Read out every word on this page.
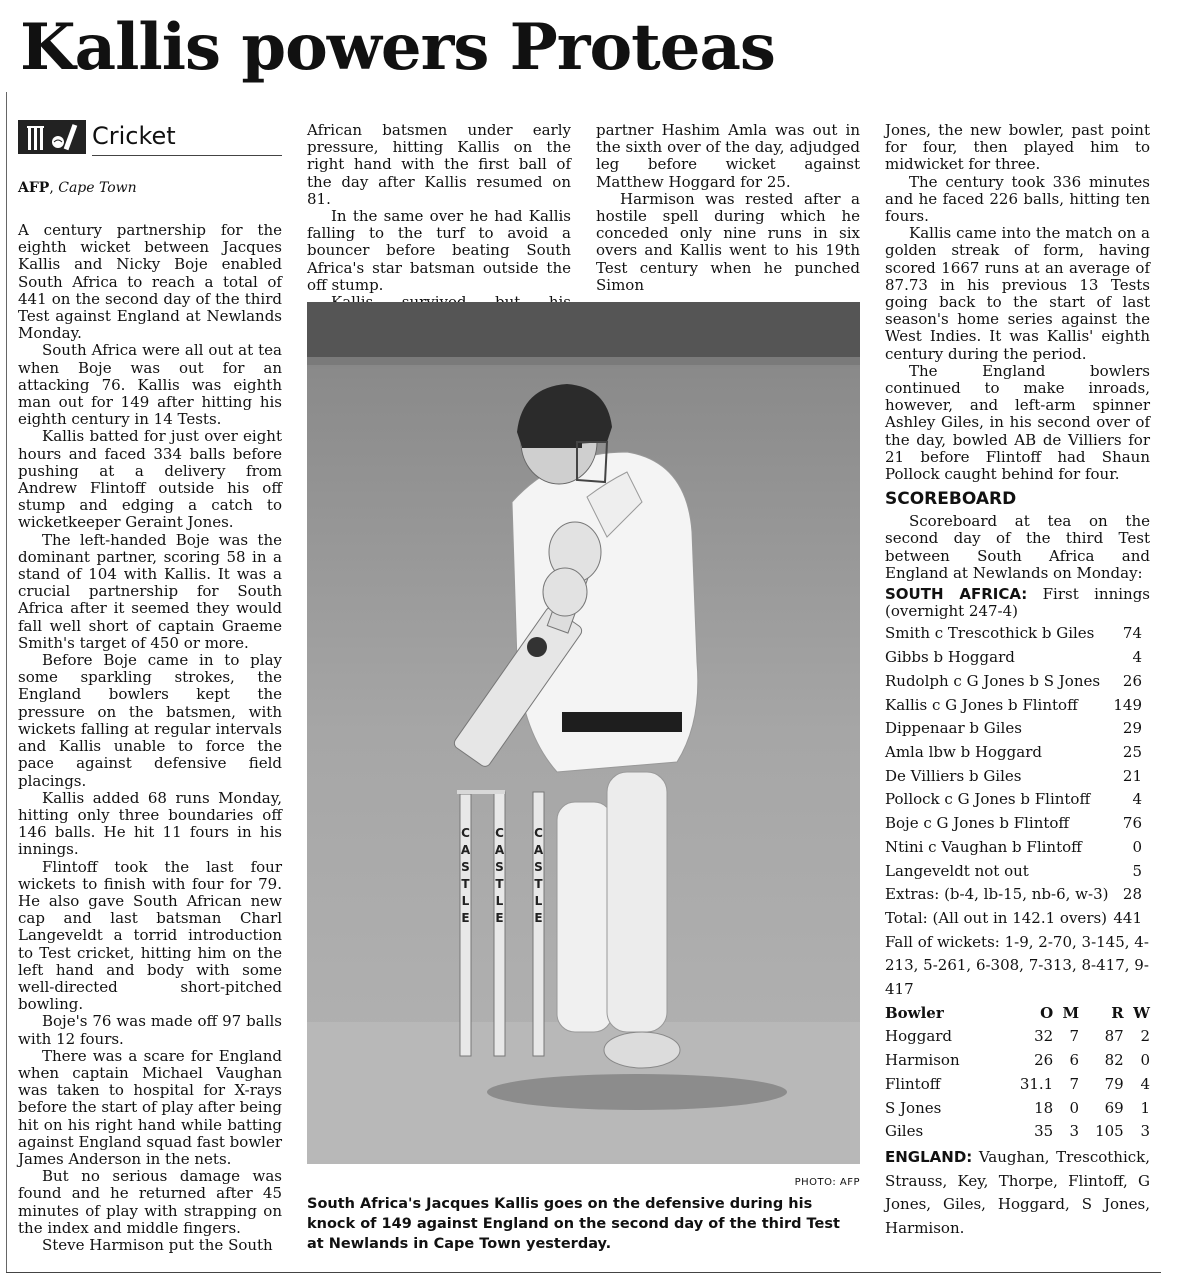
Kallis powers Proteas
Cricket
AFP, Cape Town

A century partnership for the eighth wicket between Jacques Kallis and Nicky Boje enabled South Africa to reach a total of 441 on the second day of the third Test against England at Newlands Monday.

South Africa were all out at tea when Boje was out for an attacking 76. Kallis was eighth man out for 149 after hitting his eighth century in 14 Tests.

Kallis batted for just over eight hours and faced 334 balls before pushing at a delivery from Andrew Flintoff outside his off stump and edging a catch to wicketkeeper Geraint Jones.

The left-handed Boje was the dominant partner, scoring 58 in a stand of 104 with Kallis. It was a crucial partnership for South Africa after it seemed they would fall well short of captain Graeme Smith's target of 450 or more.

Before Boje came in to play some sparkling strokes, the England bowlers kept the pressure on the batsmen, with wickets falling at regular intervals and Kallis unable to force the pace against defensive field placings.

Kallis added 68 runs Monday, hitting only three boundaries off 146 balls. He hit 11 fours in his innings.

Flintoff took the last four wickets to finish with four for 79. He also gave South African new cap and last batsman Charl Langeveldt a torrid introduction to Test cricket, hitting him on the left hand and body with some well-directed short-pitched bowling.

Boje's 76 was made off 97 balls with 12 fours.

There was a scare for England when captain Michael Vaughan was taken to hospital for X-rays before the start of play after being hit on his right hand while batting against England squad fast bowler James Anderson in the nets.

But no serious damage was found and he returned after 45 minutes of play with strapping on the index and middle fingers.

Steve Harmison put the South

African batsmen under early pressure, hitting Kallis on the right hand with the first ball of the day after Kallis resumed on 81.

In the same over he had Kallis falling to the turf to avoid a bouncer before beating South Africa's star batsman outside the off stump.

partner Hashim Amla was out in the sixth over of the day, adjudged leg before wicket against Matthew Hoggard for 25.

Harmison was rested after a hostile spell during which he conceded only nine runs in six overs and Kallis went to his 19th Test century when he punched Simon

Jones, the new bowler, past point for four, then played him to midwicket for three.

The century took 336 minutes and he faced 226 balls, hitting ten fours.

Kallis came into the match on a golden streak of form, having scored 1667 runs at an average of 87.73 in his previous 13 Tests going back to the start of last season's home series against the West Indies. It was Kallis' eighth century during the period.

The England bowlers continued to make inroads, however, and left-arm spinner Ashley Giles, in his second over of the day, bowled AB de Villiers for 21 before Flintoff had Shaun Pollock caught behind for four.

SCOREBOARD

Scoreboard at tea on the second day of the third Test between South Africa and England at Newlands on Monday:

SOUTH AFRICA: First innings (overnight 247-4)

Smith c Trescothick b Giles 74
Gibbs b Hoggard	4
Rudolph c G Jones b S Jones 26
Kallis c G Jones b Flintoff 149
Dippenaar b Giles	29
Amla lbw b Hoggard	25
De Villiers b Giles	21
Pollock c G Jones b Flintoff	4
Boje c G Jones b Flintoff	76
Ntini c Vaughan b Flintoff	0
Langeveldt not out	5
Extras: (b-4, lb-15, nb-6, w-3) 28
Total: (All out in 142.1 overs) 441

Fall of wickets: 1-9, 2-70, 3-145, 4-213, 5-261, 6-308, 7-313, 8-417, 9-417

Bowler	O	M	R	W
Hoggard	32	7	87	2
Harmison	26	6	82	0
Flintoff	31.1	7	79	4
S Jones	18	0	69	1
Giles	35	3	105	3

ENGLAND: Vaughan, Trescothick, Strauss, Key, Thorpe, Flintoff, G Jones, Giles, Hoggard, S Jones, Harmison.

C
A
S
T
L
E
C
A
S
T
L
E
C
A
S
T
L
E
PHOTO: AFP
South Africa's Jacques Kallis goes on the defensive during his knock of 149 against England on the second day of the third Test at Newlands in Cape Town yesterday.
